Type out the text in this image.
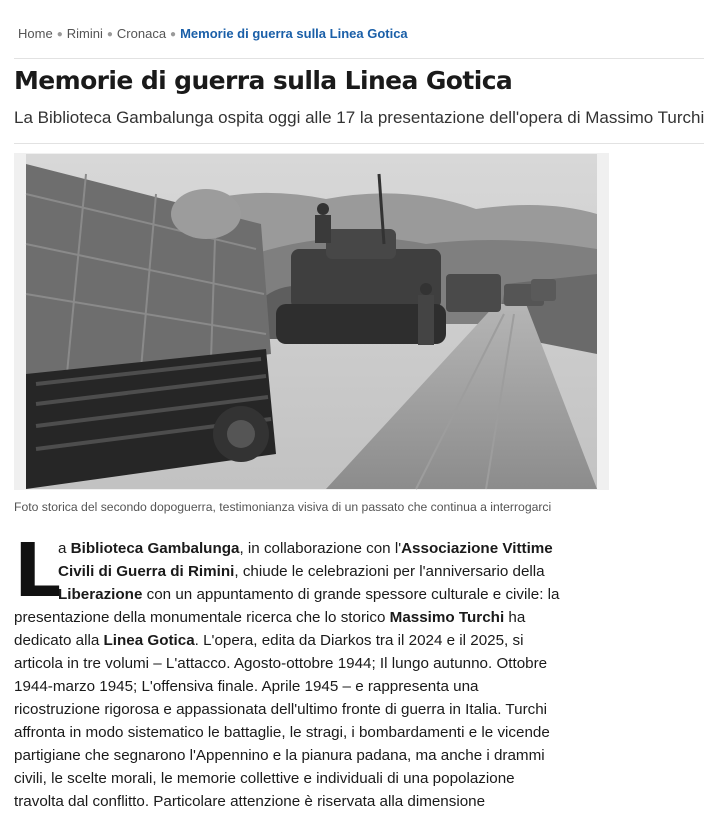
Home ● Rimini ● Cronaca ● Memorie di guerra sulla Linea Gotica
Memorie di guerra sulla Linea Gotica

La Biblioteca Gambalunga ospita oggi alle 17 la presentazione dell'opera di Massimo Turchi

Foto storica del secondo dopoguerra, testimonianza visiva di un passato che continua a interrogarci

L
a Biblioteca Gambalunga, in collaborazione con l'Associazione Vittime
Civili di Guerra di Rimini, chiude le celebrazioni per l'anniversario della
Liberazione con un appuntamento di grande spessore culturale e civile: la
presentazione della monumentale ricerca che lo storico Massimo Turchi ha
dedicato alla Linea Gotica. L'opera, edita da Diarkos tra il 2024 e il 2025, si
articola in tre volumi – L'attacco. Agosto-ottobre 1944; Il lungo autunno. Ottobre
1944-marzo 1945; L'offensiva finale. Aprile 1945 – e rappresenta una
ricostruzione rigorosa e appassionata dell'ultimo fronte di guerra in Italia. Turchi
affronta in modo sistematico le battaglie, le stragi, i bombardamenti e le vicende
partigiane che segnarono l'Appennino e la pianura padana, ma anche i drammi
civili, le scelte morali, le memorie collettive e individuali di una popolazione
travolta dal conflitto. Particolare attenzione è riservata alla dimensione
